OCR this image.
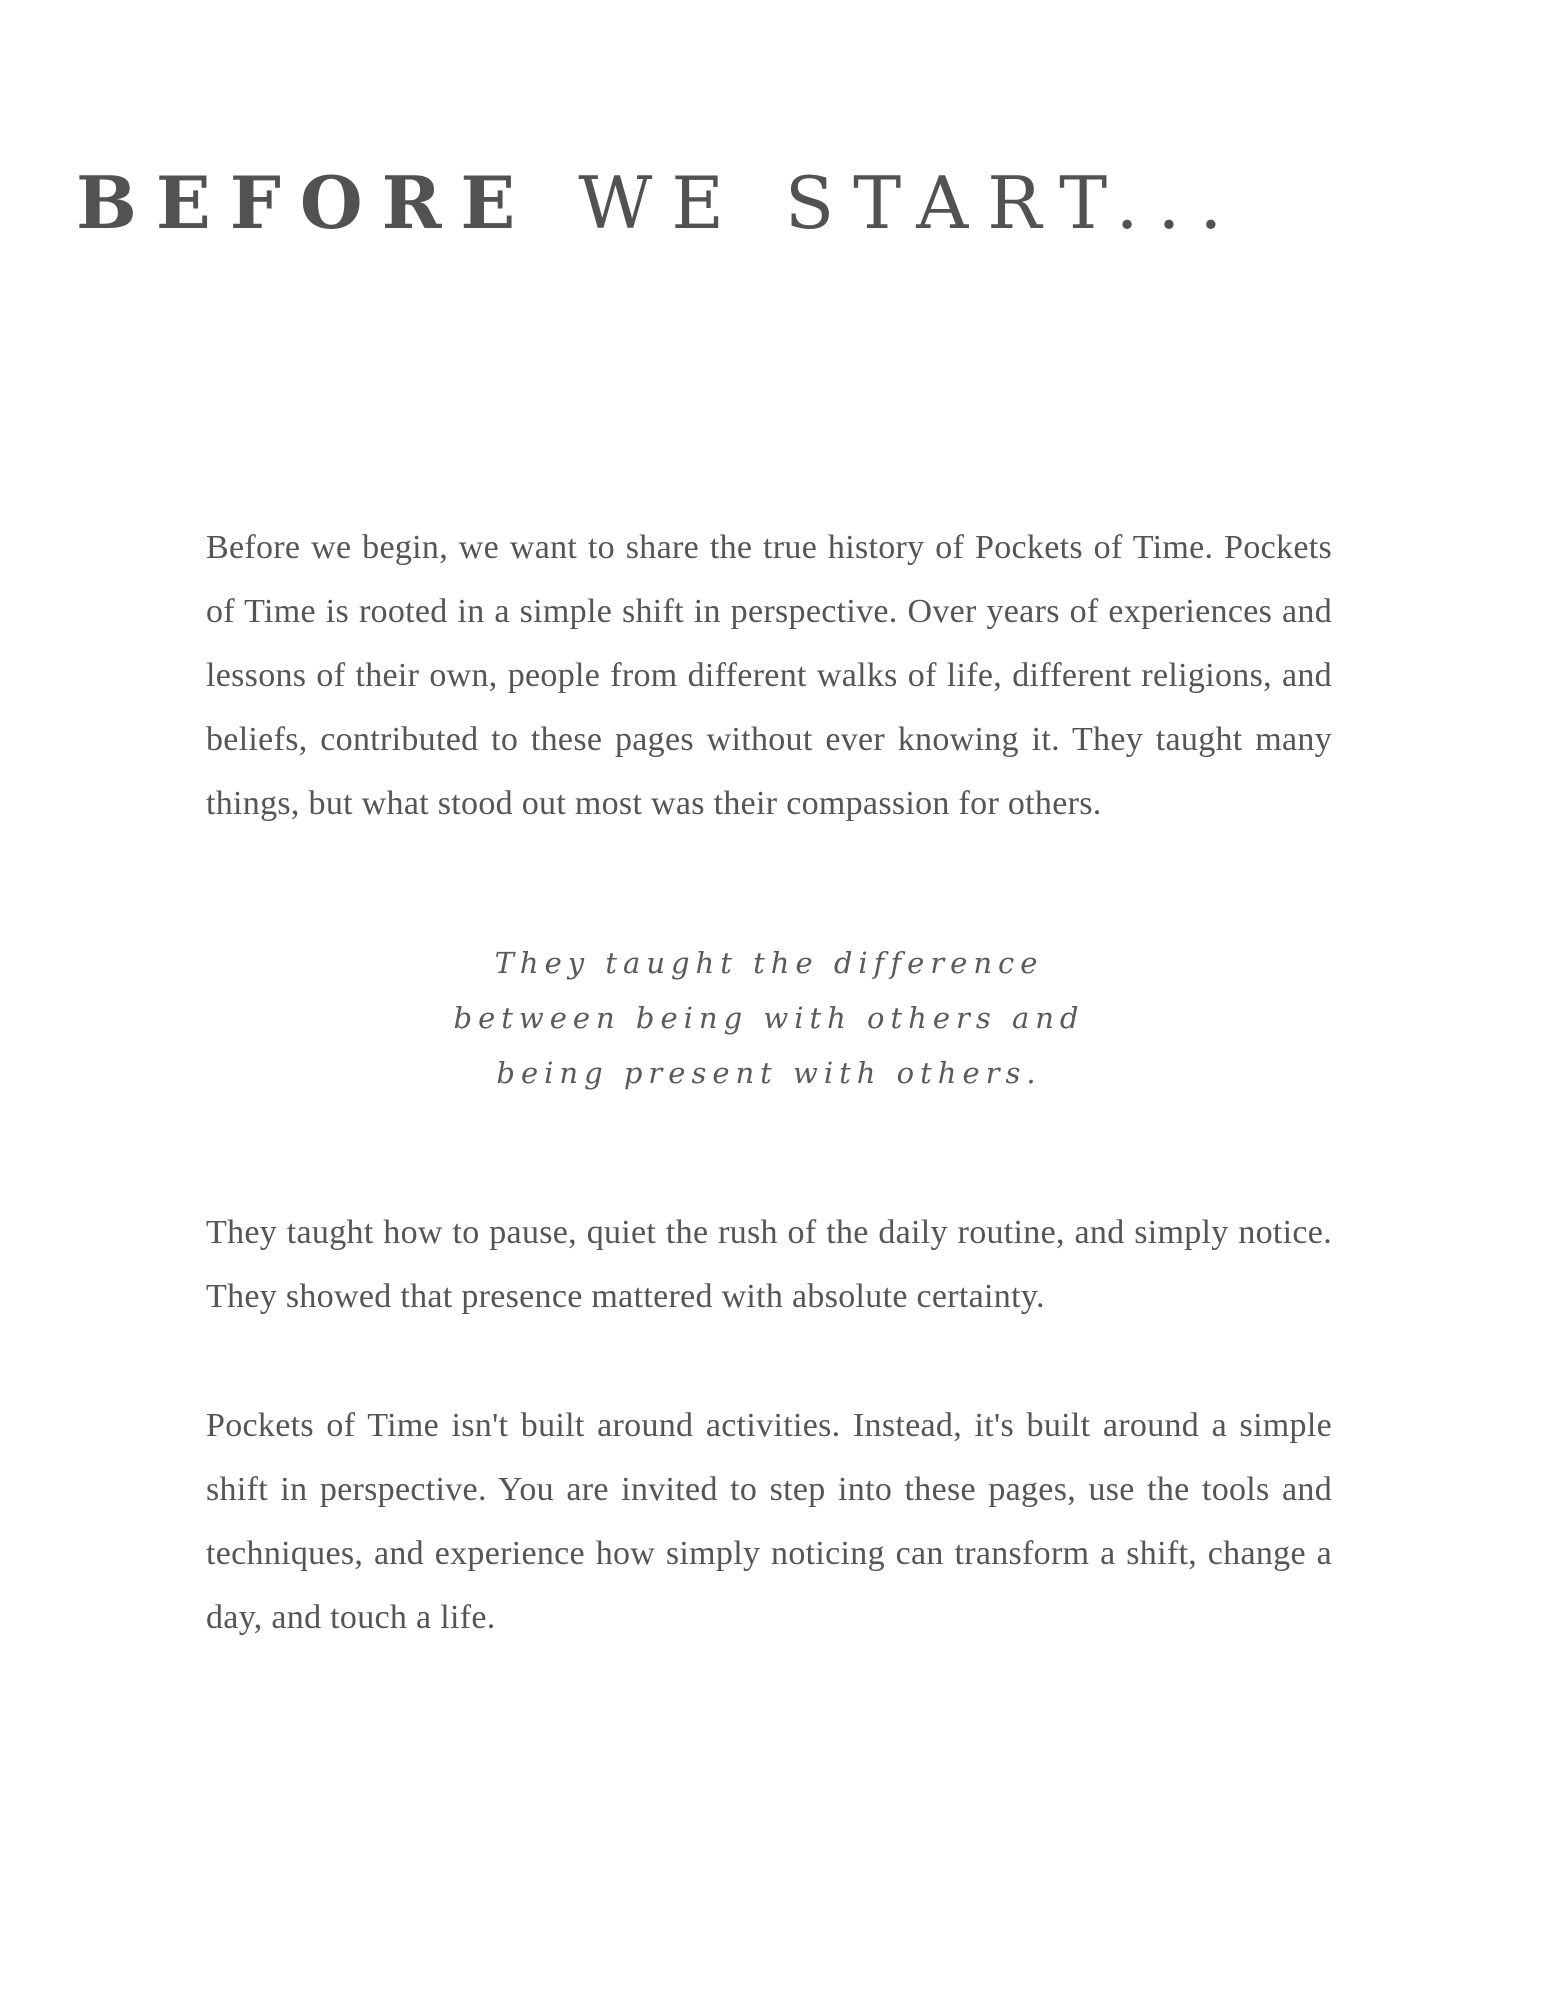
BEFORE WE START...

Before we begin, we want to share the true history of Pockets of Time. Pockets of Time is rooted in a simple shift in perspective. Over years of experiences and lessons of their own, people from different walks of life, different religions, and beliefs, contributed to these pages without ever knowing it. They taught many things, but what stood out most was their compassion for others.

They taught the difference between being with others and being present with others.

They taught how to pause, quiet the rush of the daily routine, and simply notice. They showed that presence mattered with absolute certainty.

Pockets of Time isn't built around activities. Instead, it's built around a simple shift in perspective. You are invited to step into these pages, use the tools and techniques, and experience how simply noticing can transform a shift, change a day, and touch a life.
